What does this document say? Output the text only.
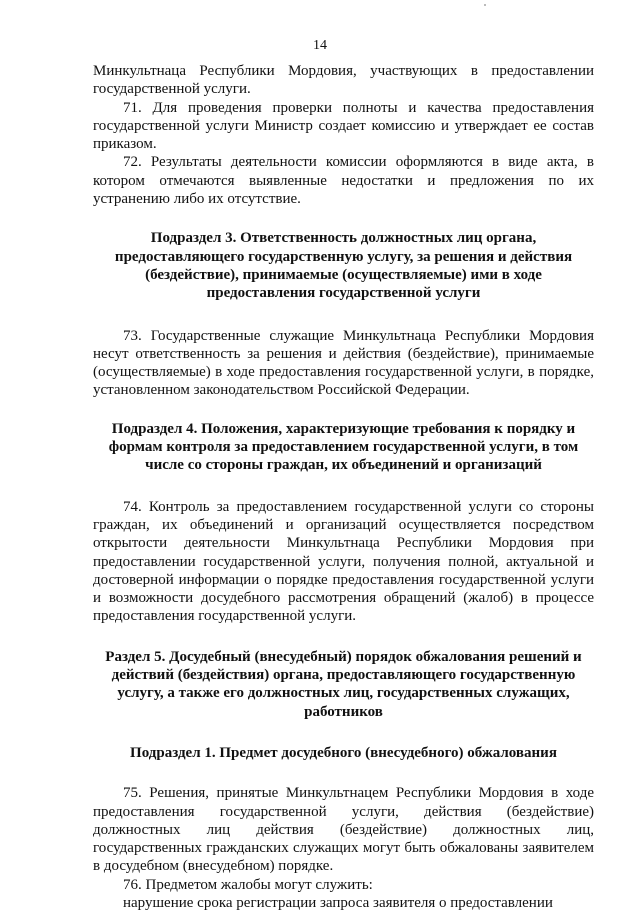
14

Минкультнаца Республики Мордовия, участвующих в предоставлении государственной услуги.

71. Для проведения проверки полноты и качества предоставления государственной услуги Министр создает комиссию и утверждает ее состав приказом.

72. Результаты деятельности комиссии оформляются в виде акта, в котором отмечаются выявленные недостатки и предложения по их устранению либо их отсутствие.

Подраздел 3. Ответственность должностных лиц органа, предоставляющего государственную услугу, за решения и действия (бездействие), принимаемые (осуществляемые) ими в ходе предоставления государственной услуги

73. Государственные служащие Минкультнаца Республики Мордовия несут ответственность за решения и действия (бездействие), принимаемые (осуществляемые) в ходе предоставления государственной услуги, в порядке, установленном законодательством Российской Федерации.

Подраздел 4. Положения, характеризующие требования к порядку и формам контроля за предоставлением государственной услуги, в том числе со стороны граждан, их объединений и организаций

74. Контроль за предоставлением государственной услуги со стороны граждан, их объединений и организаций осуществляется посредством открытости деятельности Минкультнаца Республики Мордовия при предоставлении государственной услуги, получения полной, актуальной и достоверной информации о порядке предоставления государственной услуги и возможности досудебного рассмотрения обращений (жалоб) в процессе предоставления государственной услуги.

Раздел 5. Досудебный (внесудебный) порядок обжалования решений и действий (бездействия) органа, предоставляющего государственную услугу, а также его должностных лиц, государственных служащих, работников
Подраздел 1. Предмет досудебного (внесудебного) обжалования

75. Решения, принятые Минкультнацем Республики Мордовия в ходе предоставления государственной услуги, действия (бездействие) должностных лиц действия (бездействие) должностных лиц, государственных гражданских служащих могут быть обжалованы заявителем в досудебном (внесудебном) порядке.

76. Предметом жалобы могут служить:

нарушение срока регистрации запроса заявителя о предоставлении
